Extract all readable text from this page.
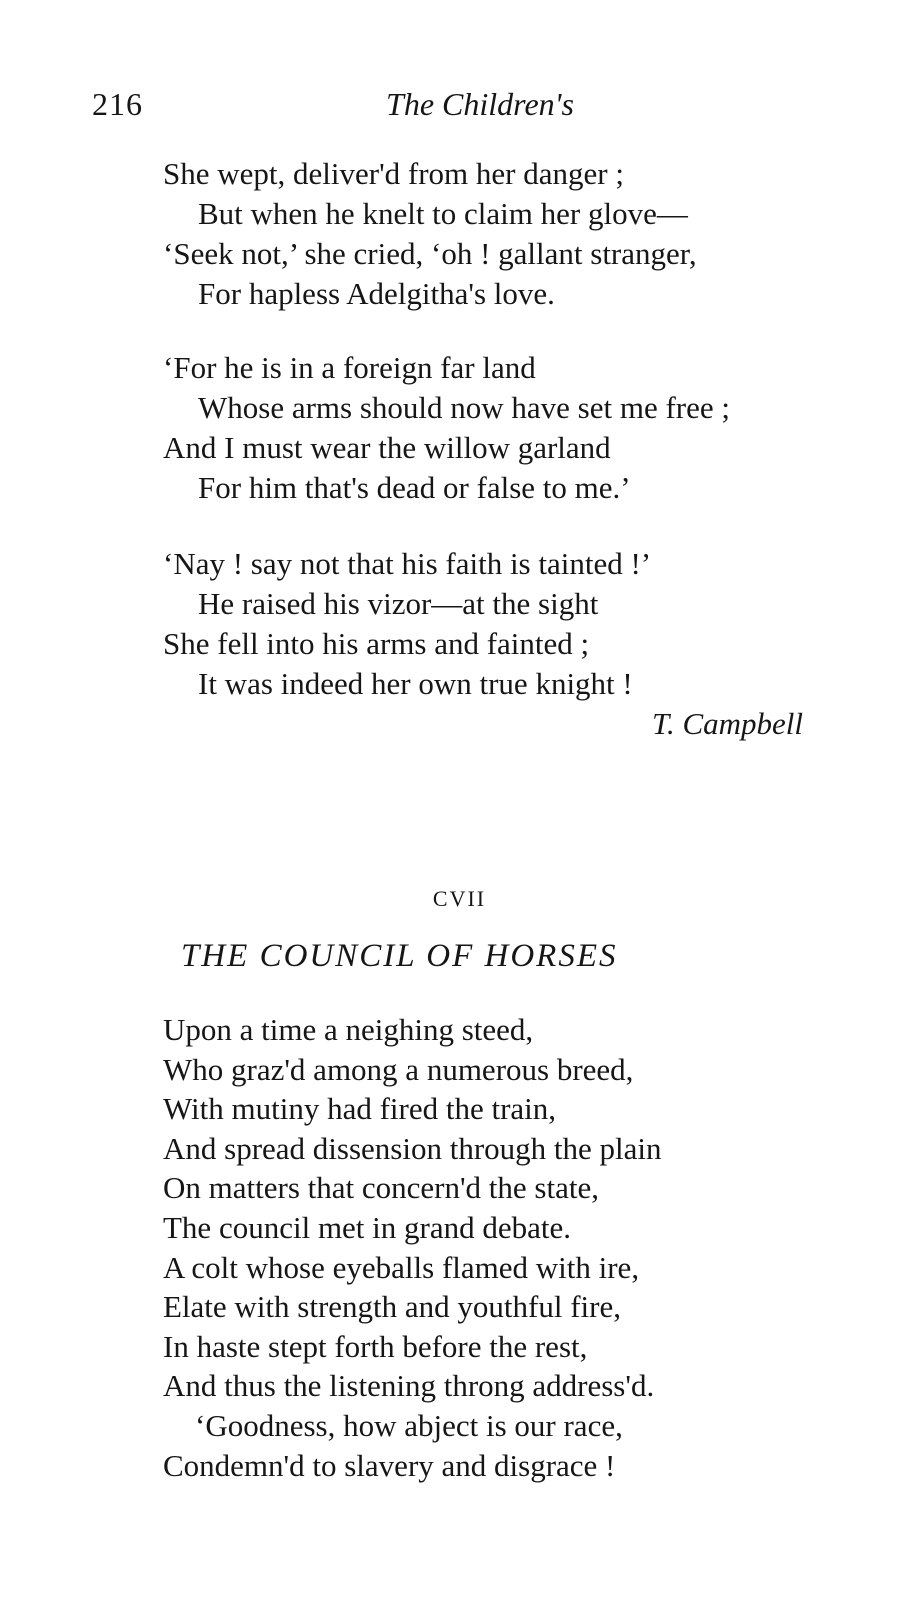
216	The Children's
She wept, deliver'd from her danger ;
But when he knelt to claim her glove—
‘Seek not,’ she cried, ‘oh ! gallant stranger,
For hapless Adelgitha's love.
‘For he is in a foreign far land
Whose arms should now have set me free ;
And I must wear the willow garland
For him that's dead or false to me.’
‘Nay ! say not that his faith is tainted !’
He raised his vizor—at the sight
She fell into his arms and fainted ;
It was indeed her own true knight !
T. Campbell
CVII
THE COUNCIL OF HORSES
Upon a time a neighing steed,
Who graz'd among a numerous breed,
With mutiny had fired the train,
And spread dissension through the plain
On matters that concern'd the state,
The council met in grand debate.
A colt whose eyeballs flamed with ire,
Elate with strength and youthful fire,
In haste stept forth before the rest,
And thus the listening throng address'd.
‘Goodness, how abject is our race,
Condemn'd to slavery and disgrace !
